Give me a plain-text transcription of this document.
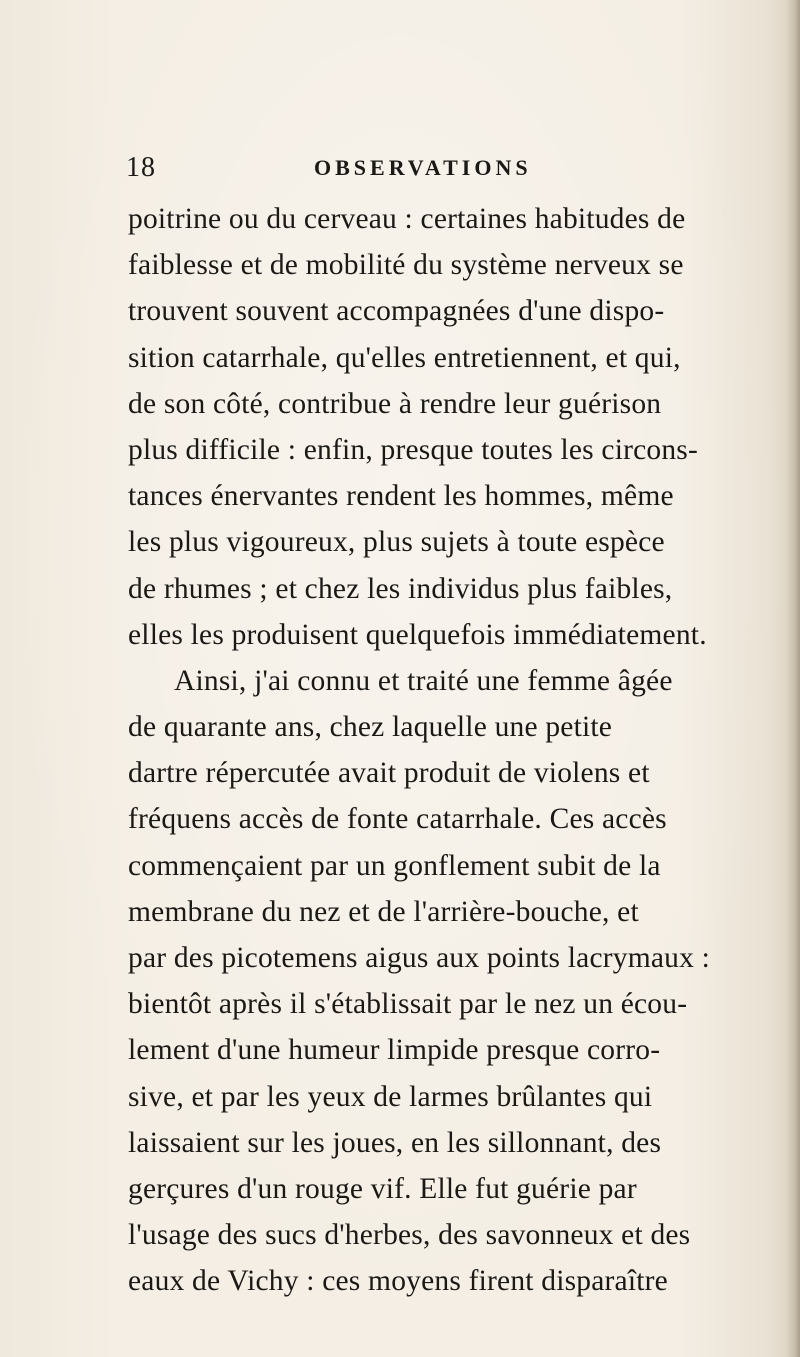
18	OBSERVATIONS
poitrine ou du cerveau : certaines habitudes de
faiblesse et de mobilité du système nerveux se
trouvent souvent accompagnées d'une dispo-
sition catarrhale, qu'elles entretiennent, et qui,
de son côté, contribue à rendre leur guérison
plus difficile : enfin, presque toutes les circons-
tances énervantes rendent les hommes, même
les plus vigoureux, plus sujets à toute espèce
de rhumes ; et chez les individus plus faibles,
elles les produisent quelquefois immédiatement.
Ainsi, j'ai connu et traité une femme âgée
de quarante ans, chez laquelle une petite
dartre répercutée avait produit de violens et
fréquens accès de fonte catarrhale. Ces accès
commençaient par un gonflement subit de la
membrane du nez et de l'arrière-bouche, et
par des picotemens aigus aux points lacrymaux :
bientôt après il s'établissait par le nez un écou-
lement d'une humeur limpide presque corro-
sive, et par les yeux de larmes brûlantes qui
laissaient sur les joues, en les sillonnant, des
gerçures d'un rouge vif. Elle fut guérie par
l'usage des sucs d'herbes, des savonneux et des
eaux de Vichy : ces moyens firent disparaître
